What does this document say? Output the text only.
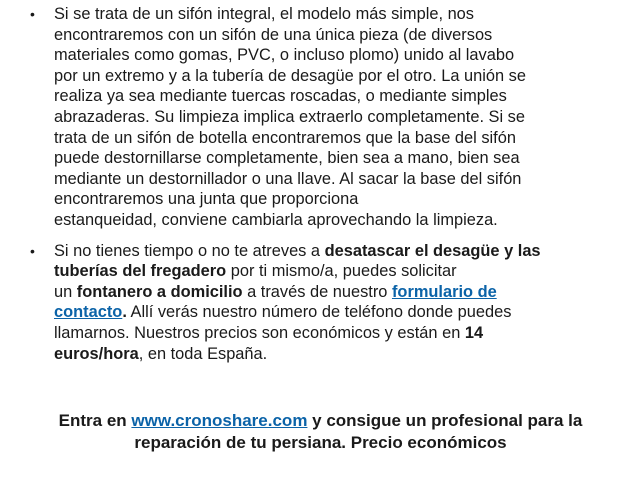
• Si se trata de un sifón integral, el modelo más simple, nos
encontraremos con un sifón de una única pieza (de diversos
materiales como gomas, PVC, o incluso plomo) unido al lavabo
por un extremo y a la tubería de desagüe por el otro. La unión se
realiza ya sea mediante tuercas roscadas, o mediante simples
abrazaderas. Su limpieza implica extraerlo completamente. Si se
trata de un sifón de botella encontraremos que la base del sifón
puede destornillarse completamente, bien sea a mano, bien sea
mediante un destornillador o una llave. Al sacar la base del sifón
encontraremos una junta que proporciona
estanqueidad, conviene cambiarla aprovechando la limpieza.
• Si no tienes tiempo o no te atreves a desatascar el desagüe y las
tuberías del fregadero por ti mismo/a, puedes solicitar
un fontanero a domicilio a través de nuestro formulario de
contacto. Allí verás nuestro número de teléfono donde puedes
llamarnos. Nuestros precios son económicos y están en 14
euros/hora, en toda España.
Entra en www.cronoshare.com y consigue un profesional para la
reparación de tu persiana. Precio económicos
